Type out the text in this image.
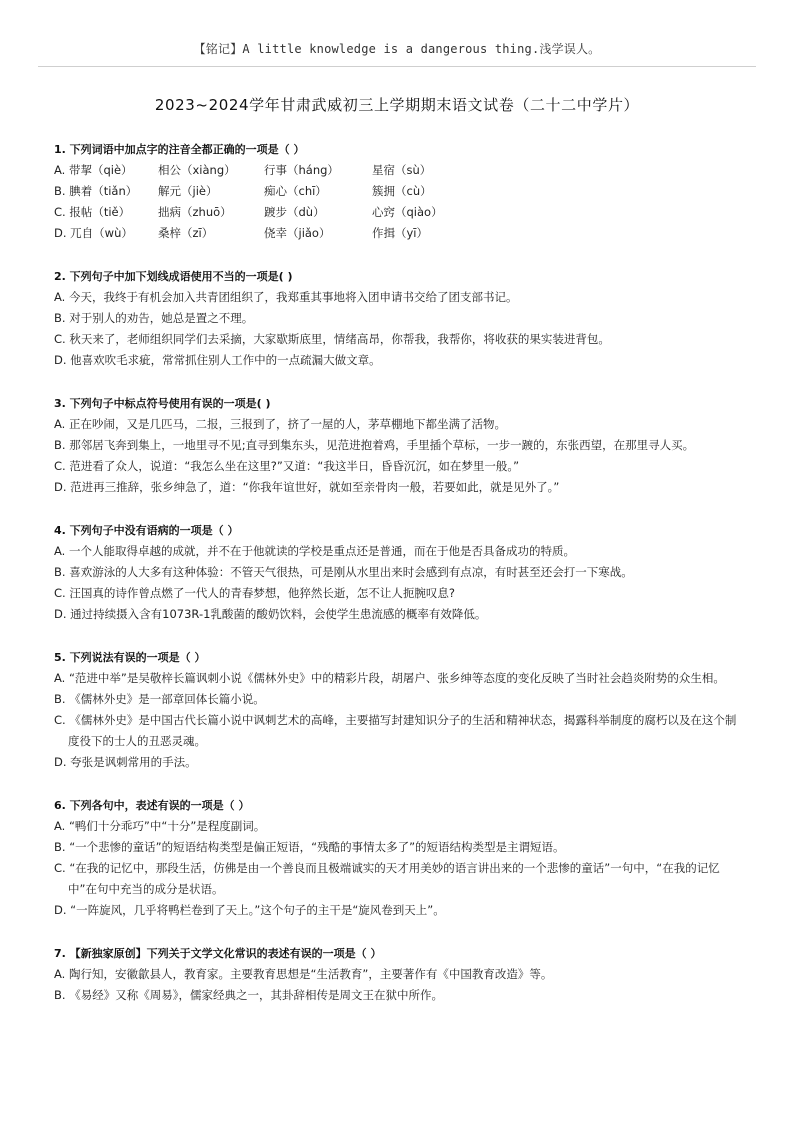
【铭记】A little knowledge is a dangerous thing.浅学误人。
2023~2024学年甘肃武威初三上学期期末语文试卷（二十二中学片）
1. 下列词语中加点字的注音全都正确的一项是（ ）
A. 带挈（qiè）	相公（xiàng）	行事（háng）	星宿（sù）
B. 腆着（tiǎn）	解元（jiè）	痴心（chī）	簇拥（cù）
C. 报帖（tiě）	拙病（zhuō）	踱步（dù）	心窍（qiào）
D. 兀自（wù）	桑梓（zī）	侥幸（jiǎo）	作揖（yī）
2. 下列句子中加下划线成语使用不当的一项是( )
A. 今天，我终于有机会加入共青团组织了，我郑重其事地将入团申请书交给了团支部书记。
B. 对于别人的劝告，她总是置之不理。
C. 秋天来了，老师组织同学们去采摘，大家歇斯底里，情绪高昂，你帮我，我帮你，将收获的果实装进背包。
D. 他喜欢吹毛求疵，常常抓住别人工作中的一点疏漏大做文章。
3. 下列句子中标点符号使用有误的一项是( )
A. 正在吵闹，又是几匹马，二报，三报到了，挤了一屋的人，茅草棚地下都坐满了活物。
B. 那邻居飞奔到集上，一地里寻不见;直寻到集东头，见范进抱着鸡，手里插个草标，一步一踱的，东张西望，在那里寻人买。
C. 范进看了众人，说道：“我怎么坐在这里?”又道：“我这半日，昏昏沉沉，如在梦里一般。”
D. 范进再三推辞，张乡绅急了，道：“你我年谊世好，就如至亲骨肉一般，若要如此，就是见外了。”
4. 下列句子中没有语病的一项是（ ）
A. 一个人能取得卓越的成就，并不在于他就读的学校是重点还是普通，而在于他是否具备成功的特质。
B. 喜欢游泳的人大多有这种体验：不管天气很热，可是刚从水里出来时会感到有点凉，有时甚至还会打一下寒战。
C. 汪国真的诗作曾点燃了一代人的青春梦想，他猝然长逝，怎不让人扼腕叹息?
D. 通过持续摄入含有1073R-1乳酸菌的酸奶饮料，会使学生患流感的概率有效降低。
5. 下列说法有误的一项是（ ）
A. “范进中举”是吴敬梓长篇讽刺小说《儒林外史》中的精彩片段，胡屠户、张乡绅等态度的变化反映了当时社会趋炎附势的众生相。
B. 《儒林外史》是一部章回体长篇小说。
C. 《儒林外史》是中国古代长篇小说中讽刺艺术的高峰，主要描写封建知识分子的生活和精神状态，揭露科举制度的腐朽以及在这个制度役下的士人的丑恶灵魂。
D. 夸张是讽刺常用的手法。
6. 下列各句中，表述有误的一项是（ ）
A. “鸭们十分乖巧”中“十分”是程度副词。
B. “一个悲惨的童话”的短语结构类型是偏正短语，“残酷的事情太多了”的短语结构类型是主谓短语。
C. “在我的记忆中，那段生活，仿佛是由一个善良而且极端诚实的天才用美妙的语言讲出来的一个悲惨的童话”一句中，“在我的记忆中”在句中充当的成分是状语。
D. “一阵旋风，几乎将鸭栏卷到了天上。”这个句子的主干是“旋风卷到天上”。
7. 【新独家原创】下列关于文学文化常识的表述有误的一项是（ ）
A. 陶行知，安徽歙县人，教育家。主要教育思想是“生活教育”，主要著作有《中国教育改造》等。
B. 《易经》又称《周易》，儒家经典之一，其卦辞相传是周文王在狱中所作。
